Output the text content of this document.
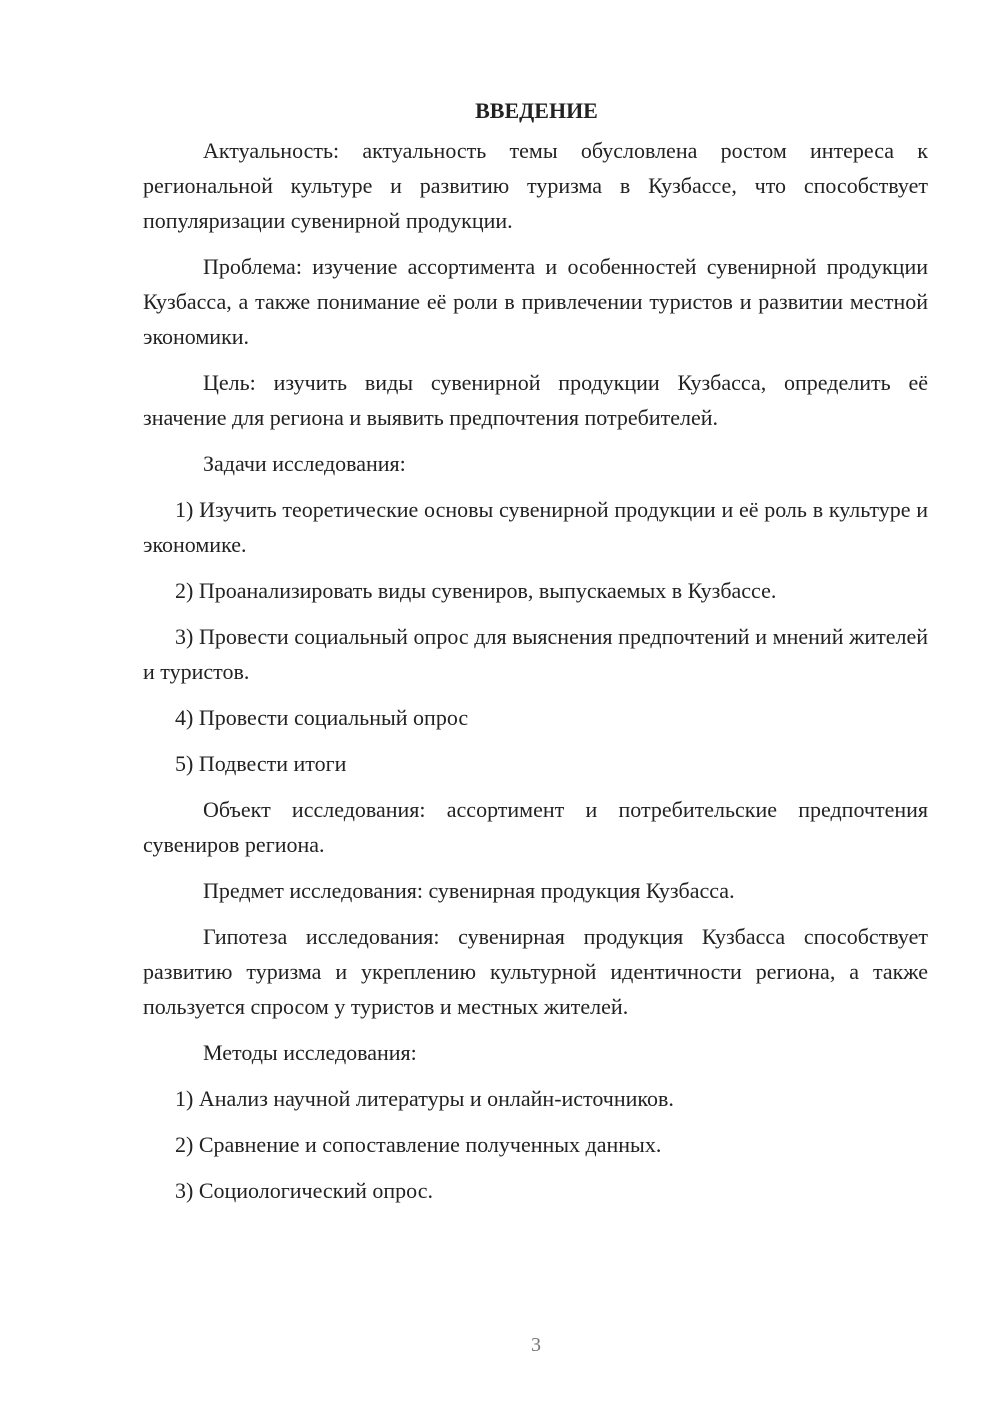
ВВЕДЕНИЕ

Актуальность: актуальность темы обусловлена ростом интереса к региональной культуре и развитию туризма в Кузбассе, что способствует популяризации сувенирной продукции.

Проблема: изучение ассортимента и особенностей сувенирной продукции Кузбасса, а также понимание её роли в привлечении туристов и развитии местной экономики.

Цель: изучить виды сувенирной продукции Кузбасса, определить её значение для региона и выявить предпочтения потребителей.

Задачи исследования:

1) Изучить теоретические основы сувенирной продукции и её роль в культуре и экономике.

2) Проанализировать виды сувениров, выпускаемых в Кузбассе.

3) Провести социальный опрос для выяснения предпочтений и мнений жителей и туристов.

4) Провести социальный опрос

5) Подвести итоги

Объект исследования: ассортимент и потребительские предпочтения сувениров региона.

Предмет исследования: сувенирная продукция Кузбасса.

Гипотеза исследования: сувенирная продукция Кузбасса способствует развитию туризма и укреплению культурной идентичности региона, а также пользуется спросом у туристов и местных жителей.

Методы исследования:

1) Анализ научной литературы и онлайн-источников.

2) Сравнение и сопоставление полученных данных.

3) Социологический опрос.

3
